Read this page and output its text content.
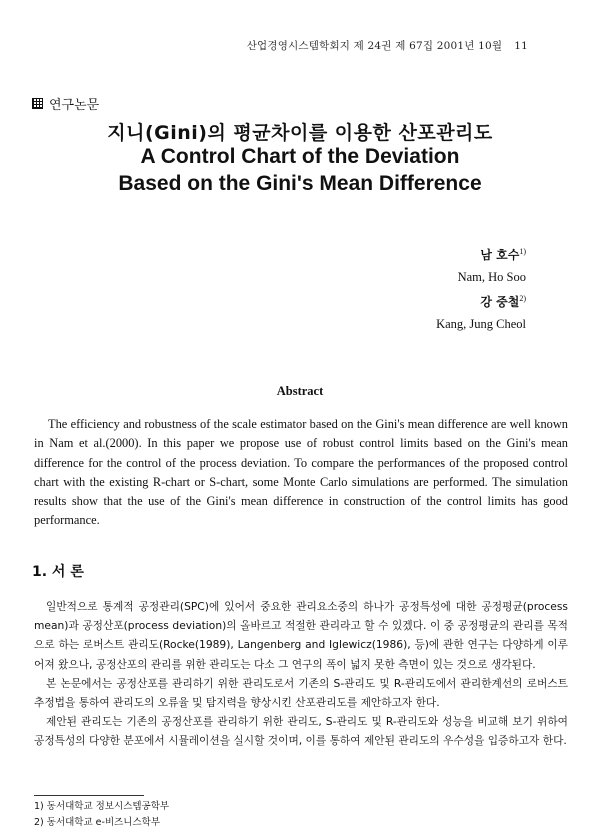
산업경영시스템학회지 제 24권 제 67집 2001년 10월 11
연구논문
지니(Gini)의 평균차이를 이용한 산포관리도
A Control Chart of the Deviation
Based on the Gini's Mean Difference
남 호수$^{1)}$
Nam, Ho Soo
강 중철$^{2)}$
Kang, Jung Cheol
Abstract
The efficiency and robustness of the scale estimator based on the Gini's mean difference are well known in Nam et al.(2000). In this paper we propose use of robust control limits based on the Gini's mean difference for the control of the process deviation. To compare the performances of the proposed control chart with the existing R-chart or S-chart, some Monte Carlo simulations are performed. The simulation results show that the use of the Gini's mean difference in construction of the control limits has good performance.
1. 서 론

일반적으로 통계적 공정관리(SPC)에 있어서 중요한 관리요소중의 하나가 공정특성에 대한 공정평균(process mean)과 공정산포(process deviation)의 올바르고 적절한 관리라고 할 수 있겠다. 이 중 공정평균의 관리를 목적으로 하는 로버스트 관리도(Rocke(1989), Langenberg and Iglewicz(1986), 등)에 관한 연구는 다양하게 이루어져 왔으나, 공정산포의 관리를 위한 관리도는 다소 그 연구의 폭이 넓지 못한 측면이 있는 것으로 생각된다.

본 논문에서는 공정산포를 관리하기 위한 관리도로서 기존의 S-관리도 및 R-관리도에서 관리한계선의 로버스트 추정법을 통하여 관리도의 오류율 및 탐지력을 향상시킨 산포관리도를 제안하고자 한다.

제안된 관리도는 기존의 공정산포를 관리하기 위한 관리도, S-관리도 및 R-관리도와 성능을 비교해 보기 위하여 공정특성의 다양한 분포에서 시뮬레이션을 실시할 것이며, 이를 통하여 제안된 관리도의 우수성을 입증하고자 한다.

1) 동서대학교 정보시스템공학부
2) 동서대학교 e-비즈니스학부
